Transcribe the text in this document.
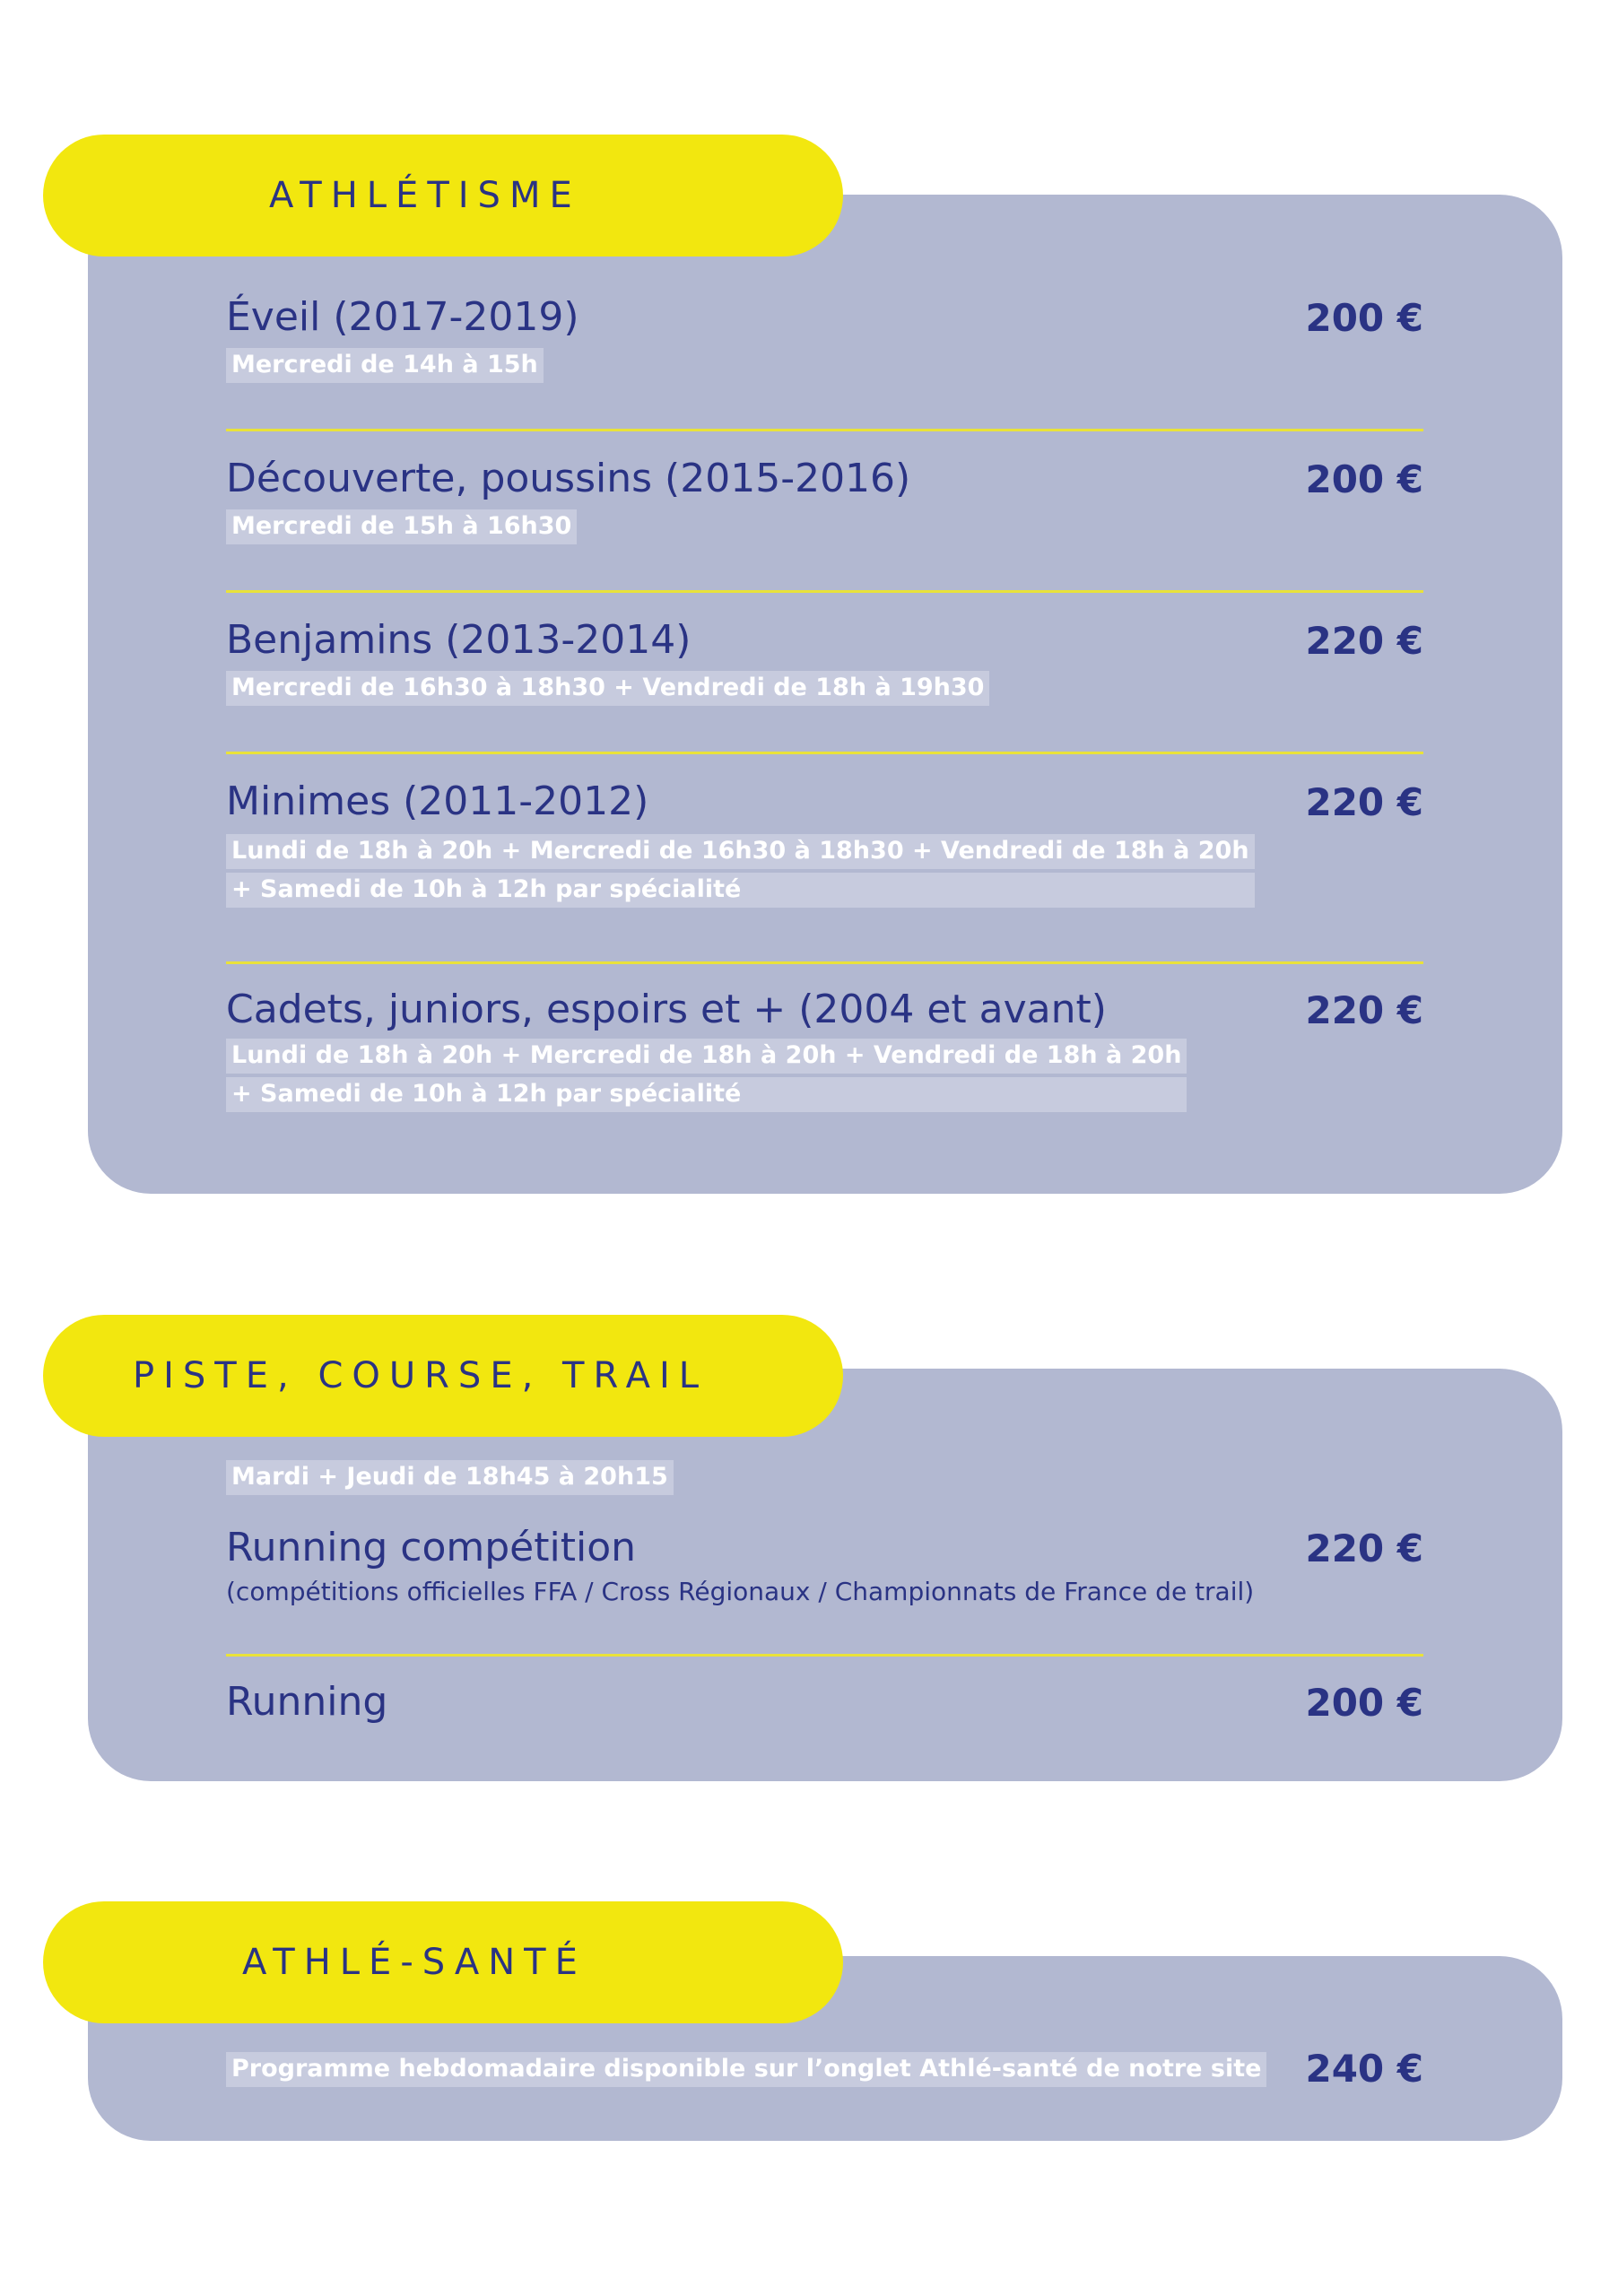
ATHLÉTISME
Éveil (2017-2019)	200 €
Mercredi de 14h à 15h
Découverte, poussins (2015-2016)	200 €
Mercredi de 15h à 16h30
Benjamins (2013-2014)	220 €
Mercredi de 16h30 à 18h30 + Vendredi de 18h à 19h30
Minimes (2011-2012)	220 €
Lundi de 18h à 20h + Mercredi de 16h30 à 18h30 + Vendredi de 18h à 20h
+ Samedi de 10h à 12h par spécialité
Cadets, juniors, espoirs et + (2004 et avant)	220 €
Lundi de 18h à 20h + Mercredi de 18h à 20h + Vendredi de 18h à 20h
+ Samedi de 10h à 12h par spécialité
PISTE, COURSE, TRAIL
Mardi + Jeudi de 18h45 à 20h15
Running compétition	220 €
(compétitions officielles FFA / Cross Régionaux / Championnats de France de trail)
Running	200 €
ATHLÉ-SANTÉ
Programme hebdomadaire disponible sur l’onglet Athlé-santé de notre site 240 €
